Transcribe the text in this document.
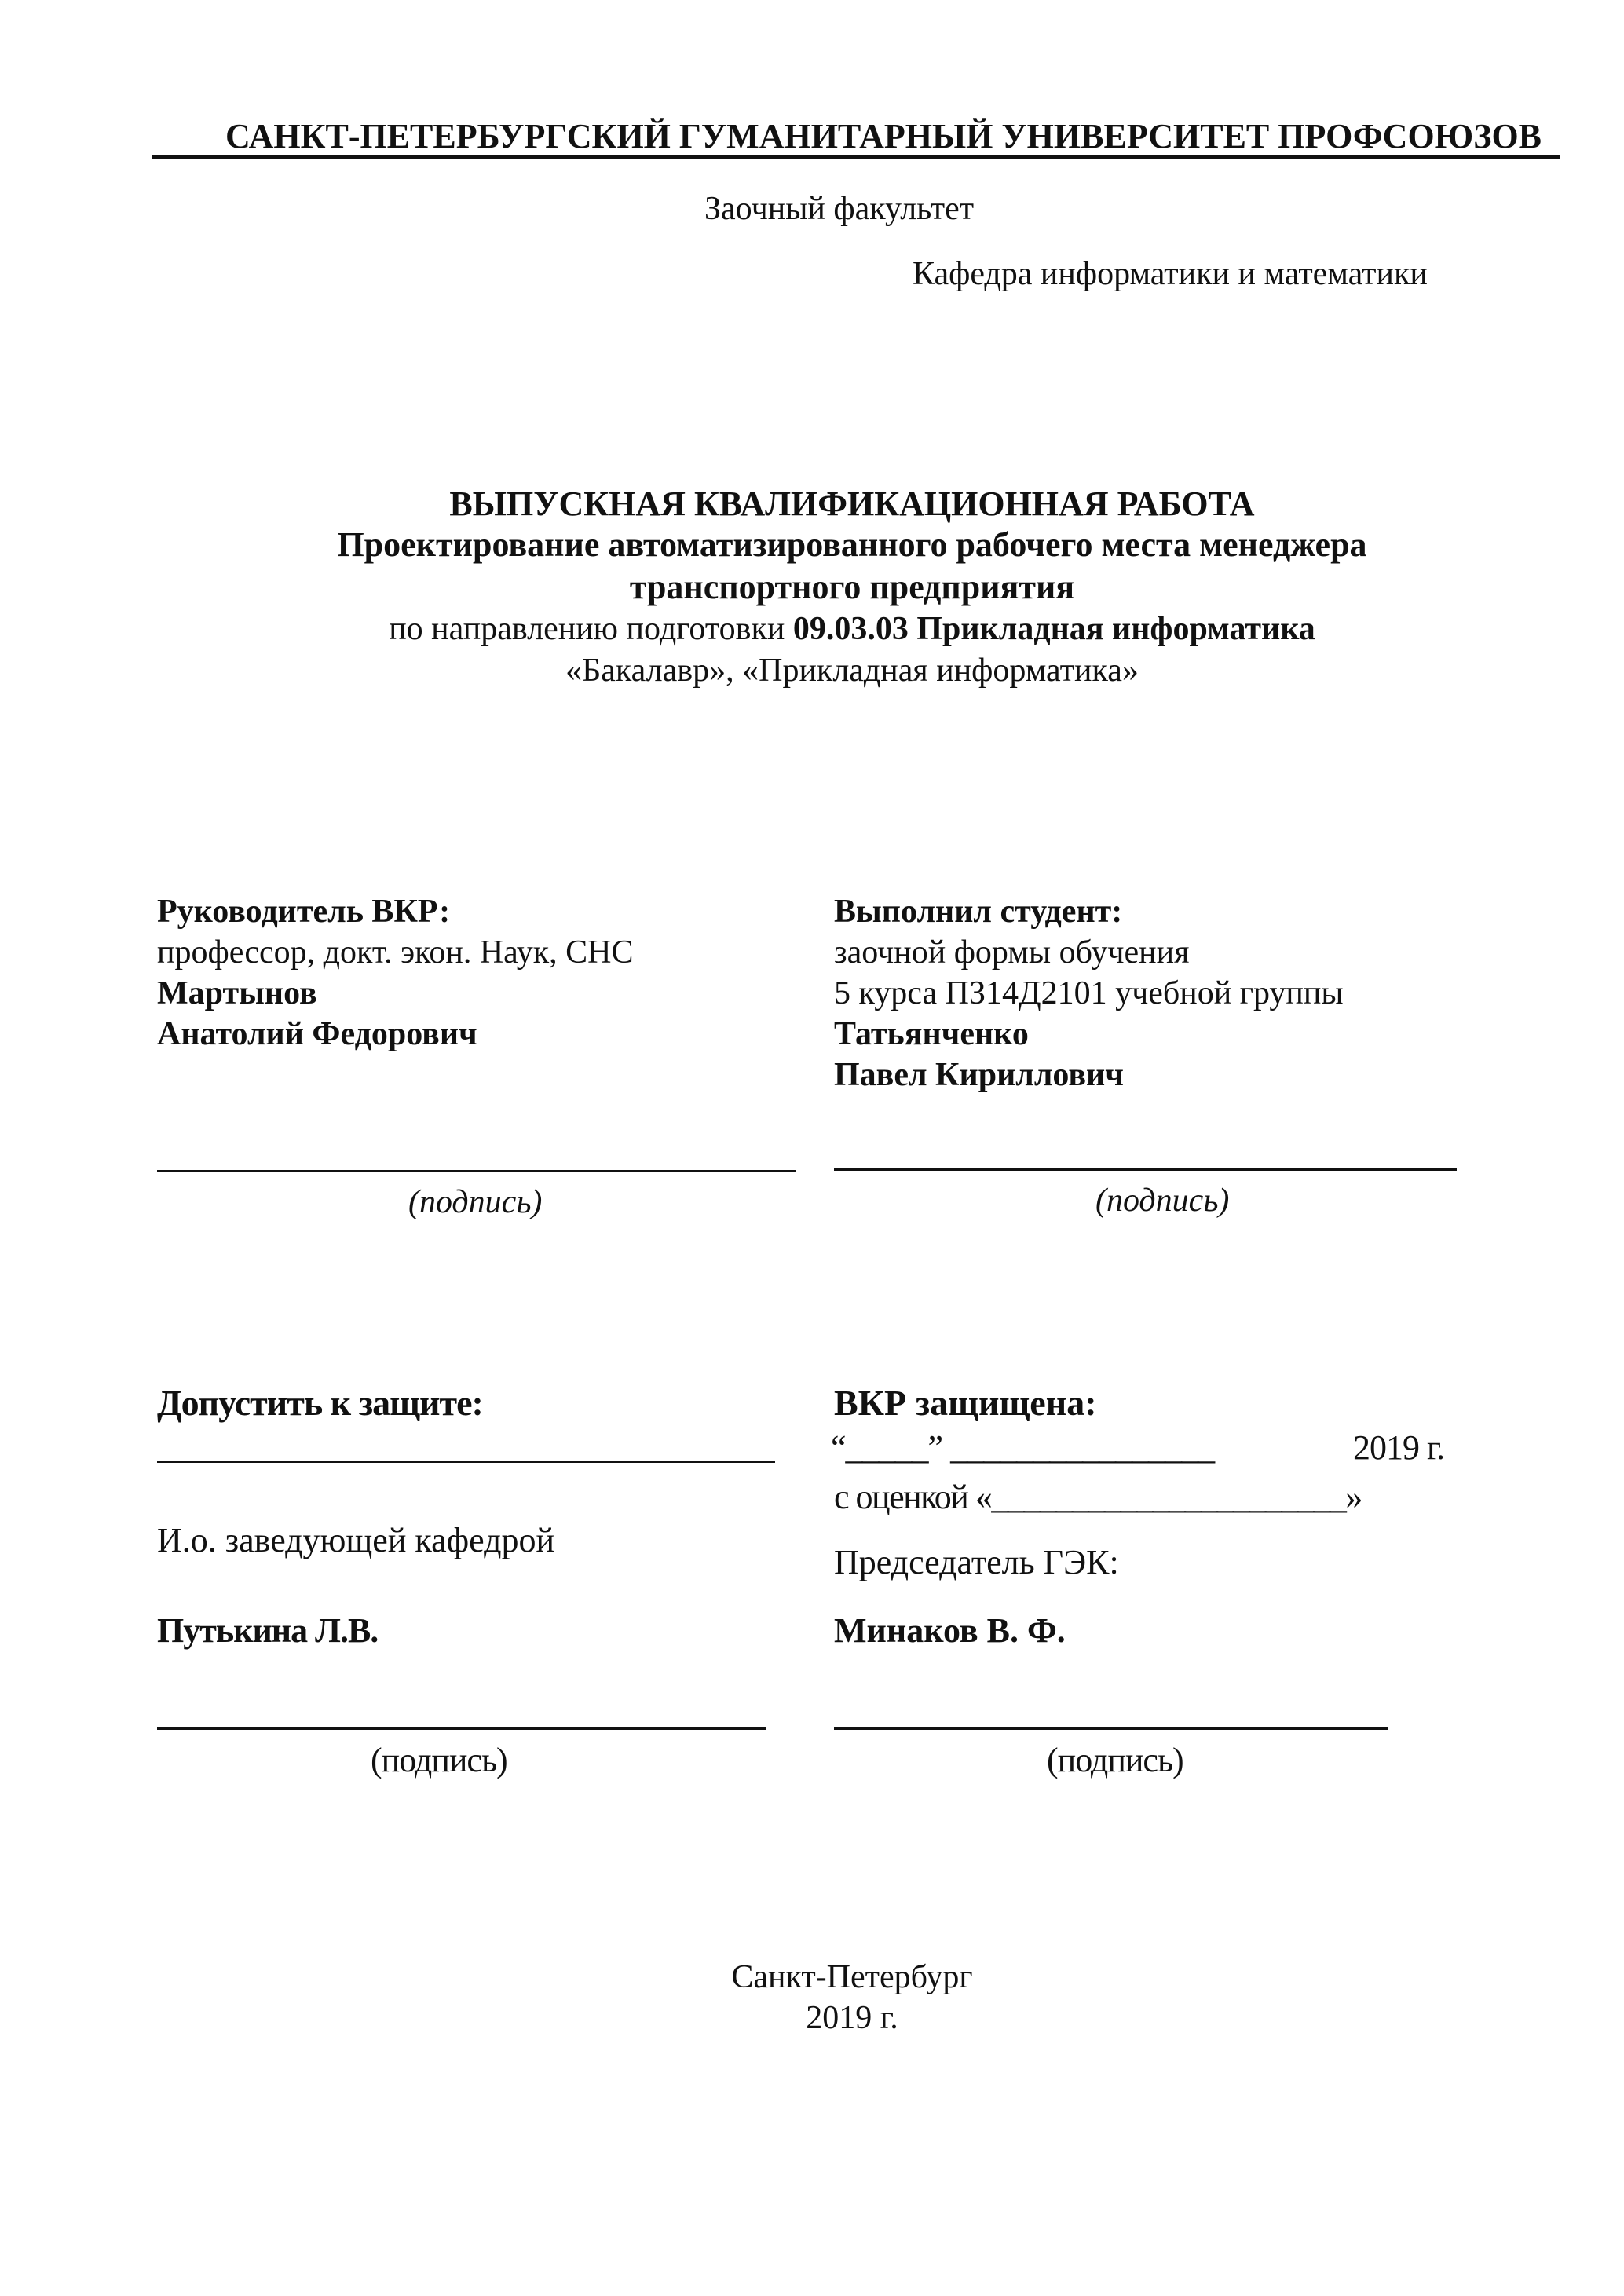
САНКТ-ПЕТЕРБУРГСКИЙ ГУМАНИТАРНЫЙ УНИВЕРСИТЕТ ПРОФСОЮЗОВ
Заочный факультет
Кафедра информатики и математики
ВЫПУСКНАЯ КВАЛИФИКАЦИОННАЯ РАБОТА
Проектирование автоматизированного рабочего места менеджера
транспортного предприятия
по направлению подготовки 09.03.03 Прикладная информатика
«Бакалавр», «Прикладная информатика»
Руководитель ВКР:
профессор, докт. экон. Наук, СНС
Мартынов
Анатолий Федорович
(подпись)
Выполнил студент:
заочной формы обучения
5 курса ПЗ14Д2101 учебной группы
Татьянченко
Павел Кириллович
(подпись)
Допустить к защите:
И.о. заведующей кафедрой
Путькина Л.В.
(подпись)
ВКР защищена:
“_____” ________________	2019 г.
с оценкой «______________________»
Председатель ГЭК:
Минаков В. Ф.
(подпись)
Санкт-Петербург
2019 г.
